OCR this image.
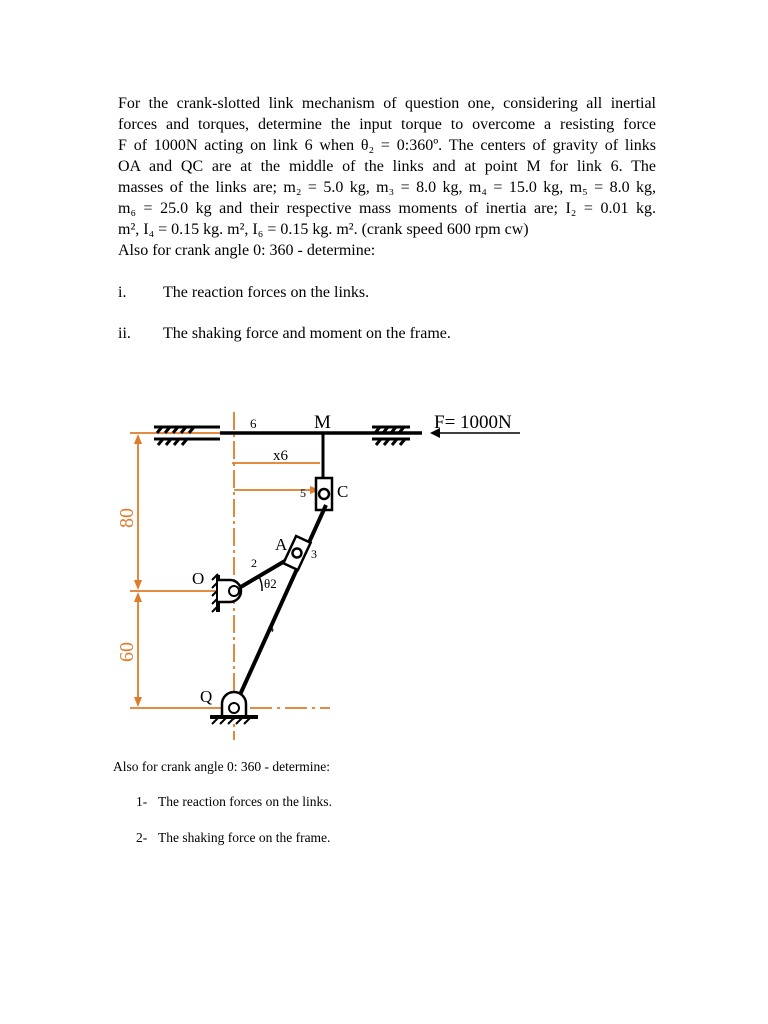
For the crank-slotted link mechanism of question one, considering all inertial
forces and torques, determine the input torque to overcome a resisting force
F of 1000N acting on link 6 when θ₂ = 0:360º. The centers of gravity of links
OA and QC are at the middle of the links and at point M for link 6. The
masses of the links are; m₂ = 5.0 kg, m₃ = 8.0 kg, m₄ = 15.0 kg, m₅ = 8.0 kg,
m₆ = 25.0 kg and their respective mass moments of inertia are; I₂ = 0.01 kg.
m², I₄ = 0.15 kg. m², I₆ = 0.15 kg. m². (crank speed 600 rpm cw)
Also for crank angle 0: 360 - determine:
i. The reaction forces on the links.
ii. The shaking force and moment on the frame.
6	M	F= 1000N
x6
5 C
A 3
2
O	θ2
4
Q
80
60
Also for crank angle 0: 360 - determine:
1- The reaction forces on the links.
2- The shaking force on the frame.
